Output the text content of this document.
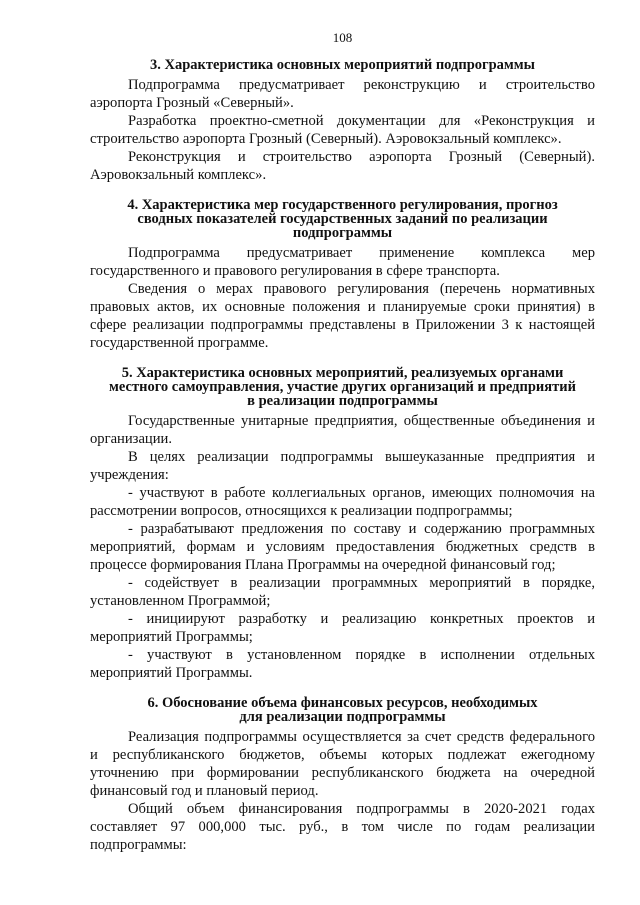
108
3. Характеристика основных мероприятий подпрограммы

Подпрограмма предусматривает реконструкцию и строительство аэропорта Грозный «Северный».

Разработка проектно-сметной документации для «Реконструкция и строительство аэропорта Грозный (Северный). Аэровокзальный комплекс».

Реконструкция и строительство аэропорта Грозный (Северный). Аэровокзальный комплекс».

4. Характеристика мер государственного регулирования, прогноз
сводных показателей государственных заданий по реализации
подпрограммы

Подпрограмма предусматривает применение комплекса мер государственного и правового регулирования в сфере транспорта.

Сведения о мерах правового регулирования (перечень нормативных правовых актов, их основные положения и планируемые сроки принятия) в сфере реализации подпрограммы представлены в Приложении 3 к настоящей государственной программе.

5. Характеристика основных мероприятий, реализуемых органами
местного самоуправления, участие других организаций и предприятий
в реализации подпрограммы

Государственные унитарные предприятия, общественные объединения и организации.

В целях реализации подпрограммы вышеуказанные предприятия и учреждения:

- участвуют в работе коллегиальных органов, имеющих полномочия на рассмотрении вопросов, относящихся к реализации подпрограммы;

- разрабатывают предложения по составу и содержанию программных мероприятий, формам и условиям предоставления бюджетных средств в процессе формирования Плана Программы на очередной финансовый год;

- содействует в реализации программных мероприятий в порядке, установленном Программой;

- инициируют разработку и реализацию конкретных проектов и мероприятий Программы;

- участвуют в установленном порядке в исполнении отдельных мероприятий Программы.

6. Обоснование объема финансовых ресурсов, необходимых
для реализации подпрограммы

Реализация подпрограммы осуществляется за счет средств федерального и республиканского бюджетов, объемы которых подлежат ежегодному уточнению при формировании республиканского бюджета на очередной финансовый год и плановый период.

Общий объем финансирования подпрограммы в 2020-2021 годах составляет 97 000,000 тыс. руб., в том числе по годам реализации подпрограммы:
